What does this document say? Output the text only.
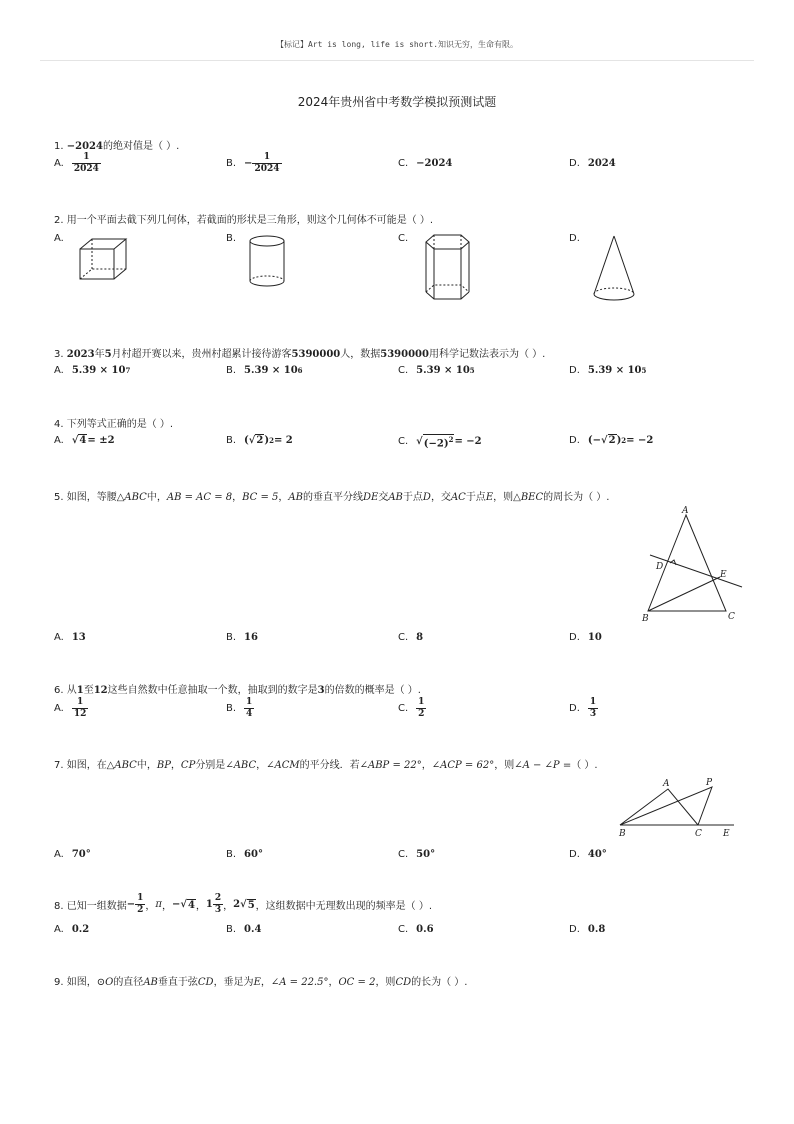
【标记】Art is long, life is short.知识无穷，生命有限。
2024年贵州省中考数学模拟预测试题
1. −2024的绝对值是（ ）.
A. $\frac{1}{2024}$	B. − $\frac{1}{2024}$	C. −2024	D. 2024
2. 用一个平面去截下列几何体，若截面的形状是三角形，则这个几何体不可能是（ ）.
A.	B.	C.	D.
3. 2023年5月村超开赛以来，贵州村超累计接待游客5390000人，数据5390000用科学记数法表示为（ ）.
A. 5.39 × 10 7	B. 5.39 × 10 6	C. 5.39 × 10 5	D. 5.39 × 10 5
4. 下列等式正确的是（ ）.
A. √ 4 = ±2	B. (√ 2 ) 2 = 2	C. √ $(-2)^2 = -2$	D. (− √ 2 ) 2 = −2
5. 如图，等腰△ABC中，AB = AC = 8，BC = 5，AB的垂直平分线DE交AB于点D，交AC于点E，则△BEC的周长为（ ）.
A
D
E
B	C
A. 13	B. 16	C. 8	D. 10
6. 从1至12这些自然数中任意抽取一个数，抽取到的数字是3的倍数的概率是（ ）.
A. $\frac{1}{12}$	B. $\frac{1}{4}$	C. $\frac{1}{2}$	D. $\frac{1}{3}$
7. 如图，在△ABC中，BP，CP分别是∠ABC，∠ACM的平分线．若∠ABP = 22°，∠ACP = 62°，则∠A − ∠P =（ ）.
A	P
B	C E
A. 70°	B. 60°	C. 50°	D. 40°
8. 已知一组数据 − $\frac{1}{2}$ ， π ， − √ 4 ， $1 \frac{2}{3}$ ， 2 √ 5 ，这组数据中无理数出现的频率是（ ）.
A. 0.2	B. 0.4	C. 0.6	D. 0.8
9. 如图，⊙O的直径AB垂直于弦CD，垂足为E，∠A = 22.5°，OC = 2，则CD的长为（ ）.
